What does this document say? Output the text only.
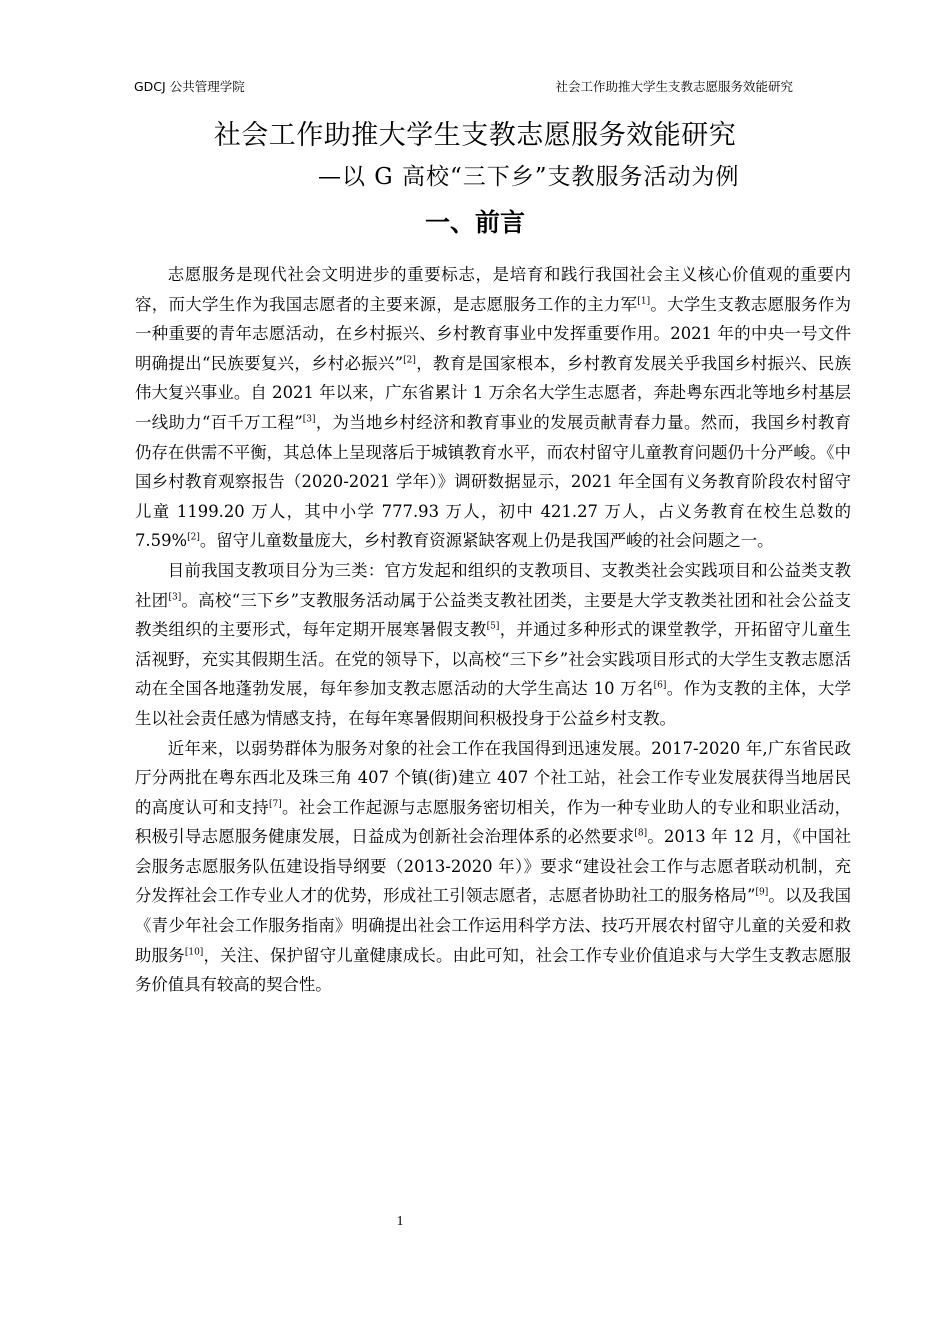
GDCJ 公共管理学院	社会工作助推大学生支教志愿服务效能研究
社会工作助推大学生支教志愿服务效能研究
—以 G 高校“三下乡”支教服务活动为例
一、前言

志愿服务是现代社会文明进步的重要标志，是培育和践行我国社会主义核心价值观的重要内容，而大学生作为我国志愿者的主要来源，是志愿服务工作的主力军[1]。大学生支教志愿服务作为一种重要的青年志愿活动，在乡村振兴、乡村教育事业中发挥重要作用。2021 年的中央一号文件明确提出“民族要复兴，乡村必振兴”[2]，教育是国家根本，乡村教育发展关乎我国乡村振兴、民族伟大复兴事业。自 2021 年以来，广东省累计 1 万余名大学生志愿者，奔赴粤东西北等地乡村基层一线助力“百千万工程”[3]，为当地乡村经济和教育事业的发展贡献青春力量。然而，我国乡村教育仍存在供需不平衡，其总体上呈现落后于城镇教育水平，而农村留守儿童教育问题仍十分严峻。《中国乡村教育观察报告（2020-2021 学年）》调研数据显示，2021 年全国有义务教育阶段农村留守儿童 1199.20 万人，其中小学 777.93 万人，初中 421.27 万人，占义务教育在校生总数的 7.59%[2]。留守儿童数量庞大，乡村教育资源紧缺客观上仍是我国严峻的社会问题之一。

目前我国支教项目分为三类：官方发起和组织的支教项目、支教类社会实践项目和公益类支教社团[3]。高校“三下乡”支教服务活动属于公益类支教社团类，主要是大学支教类社团和社会公益支教类组织的主要形式，每年定期开展寒暑假支教[5]，并通过多种形式的课堂教学，开拓留守儿童生活视野，充实其假期生活。在党的领导下，以高校“三下乡”社会实践项目形式的大学生支教志愿活动在全国各地蓬勃发展，每年参加支教志愿活动的大学生高达 10 万名[6]。作为支教的主体，大学生以社会责任感为情感支持，在每年寒暑假期间积极投身于公益乡村支教。

近年来，以弱势群体为服务对象的社会工作在我国得到迅速发展。2017-2020 年,广东省民政厅分两批在粤东西北及珠三角 407 个镇(街)建立 407 个社工站，社会工作专业发展获得当地居民的高度认可和支持[7]。社会工作起源与志愿服务密切相关，作为一种专业助人的专业和职业活动，积极引导志愿服务健康发展，日益成为创新社会治理体系的必然要求[8]。2013 年 12 月，《中国社会服务志愿服务队伍建设指导纲要（2013-2020 年）》要求“建设社会工作与志愿者联动机制，充分发挥社会工作专业人才的优势，形成社工引领志愿者，志愿者协助社工的服务格局”[9]。以及我国《青少年社会工作服务指南》明确提出社会工作运用科学方法、技巧开展农村留守儿童的关爱和救助服务[10]，关注、保护留守儿童健康成长。由此可知，社会工作专业价值追求与大学生支教志愿服务价值具有较高的契合性。

1
